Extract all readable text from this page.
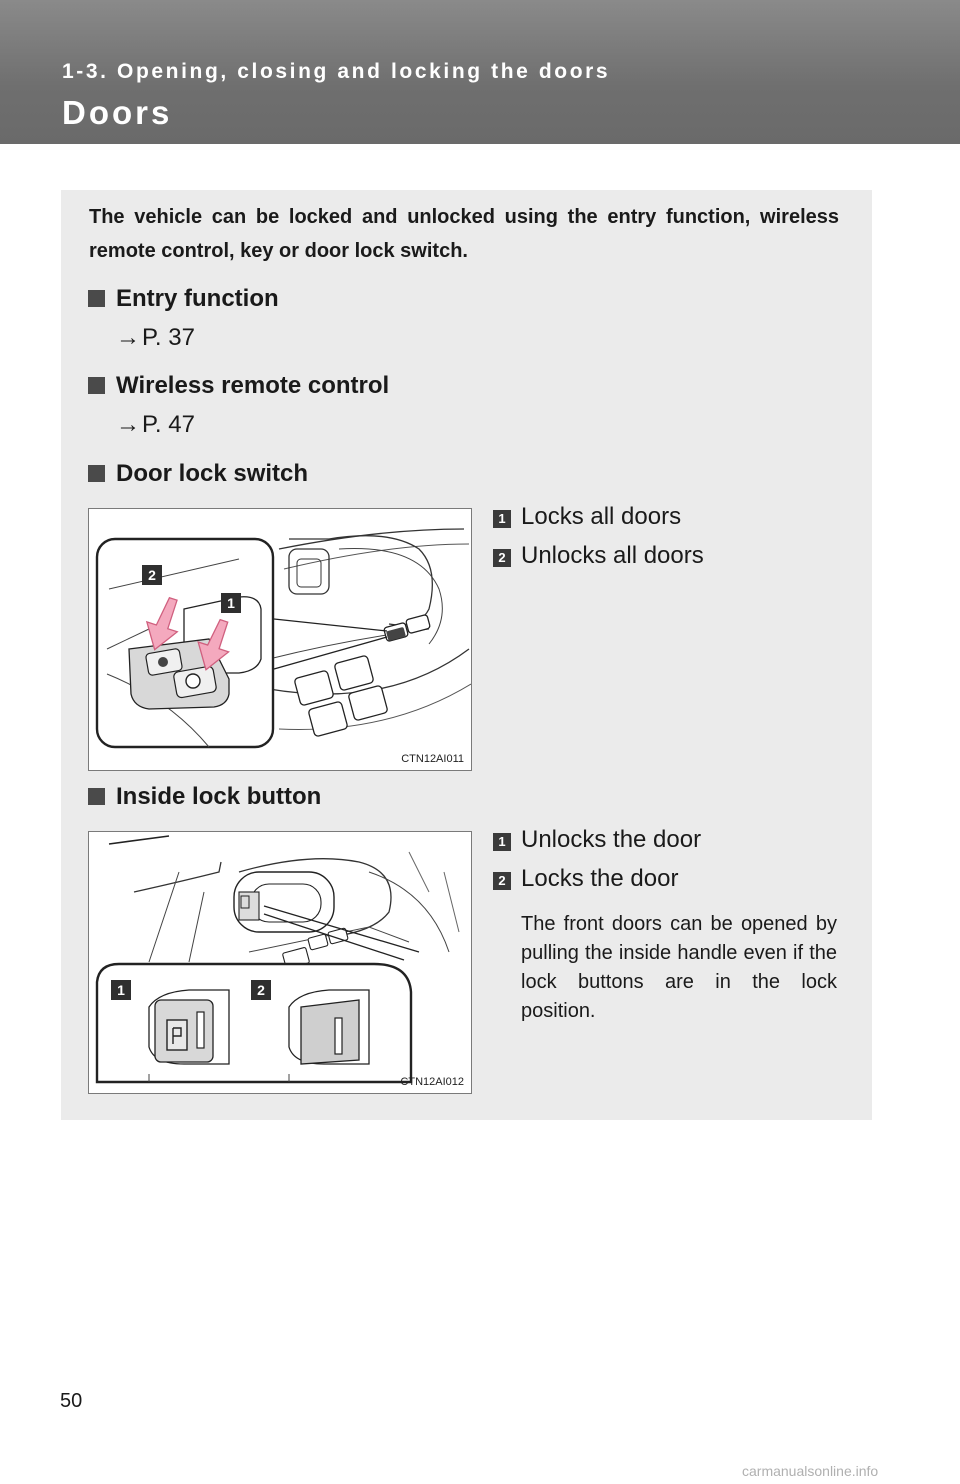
1-3. Opening, closing and locking the doors

Doors

The vehicle can be locked and unlocked using the entry function, wireless remote control, key or door lock switch.

Entry function

→P. 37

Wireless remote control

→P. 47

Door lock switch

2
1
CTN12AI011
1 Locks all doors
2 Unlocks all doors

Inside lock button

1	2
CTN12AI012
1 Unlocks the door
2 Locks the door

The front doors can be opened by pulling the inside handle even if the lock buttons are in the lock position.

50

carmanualsonline.info
